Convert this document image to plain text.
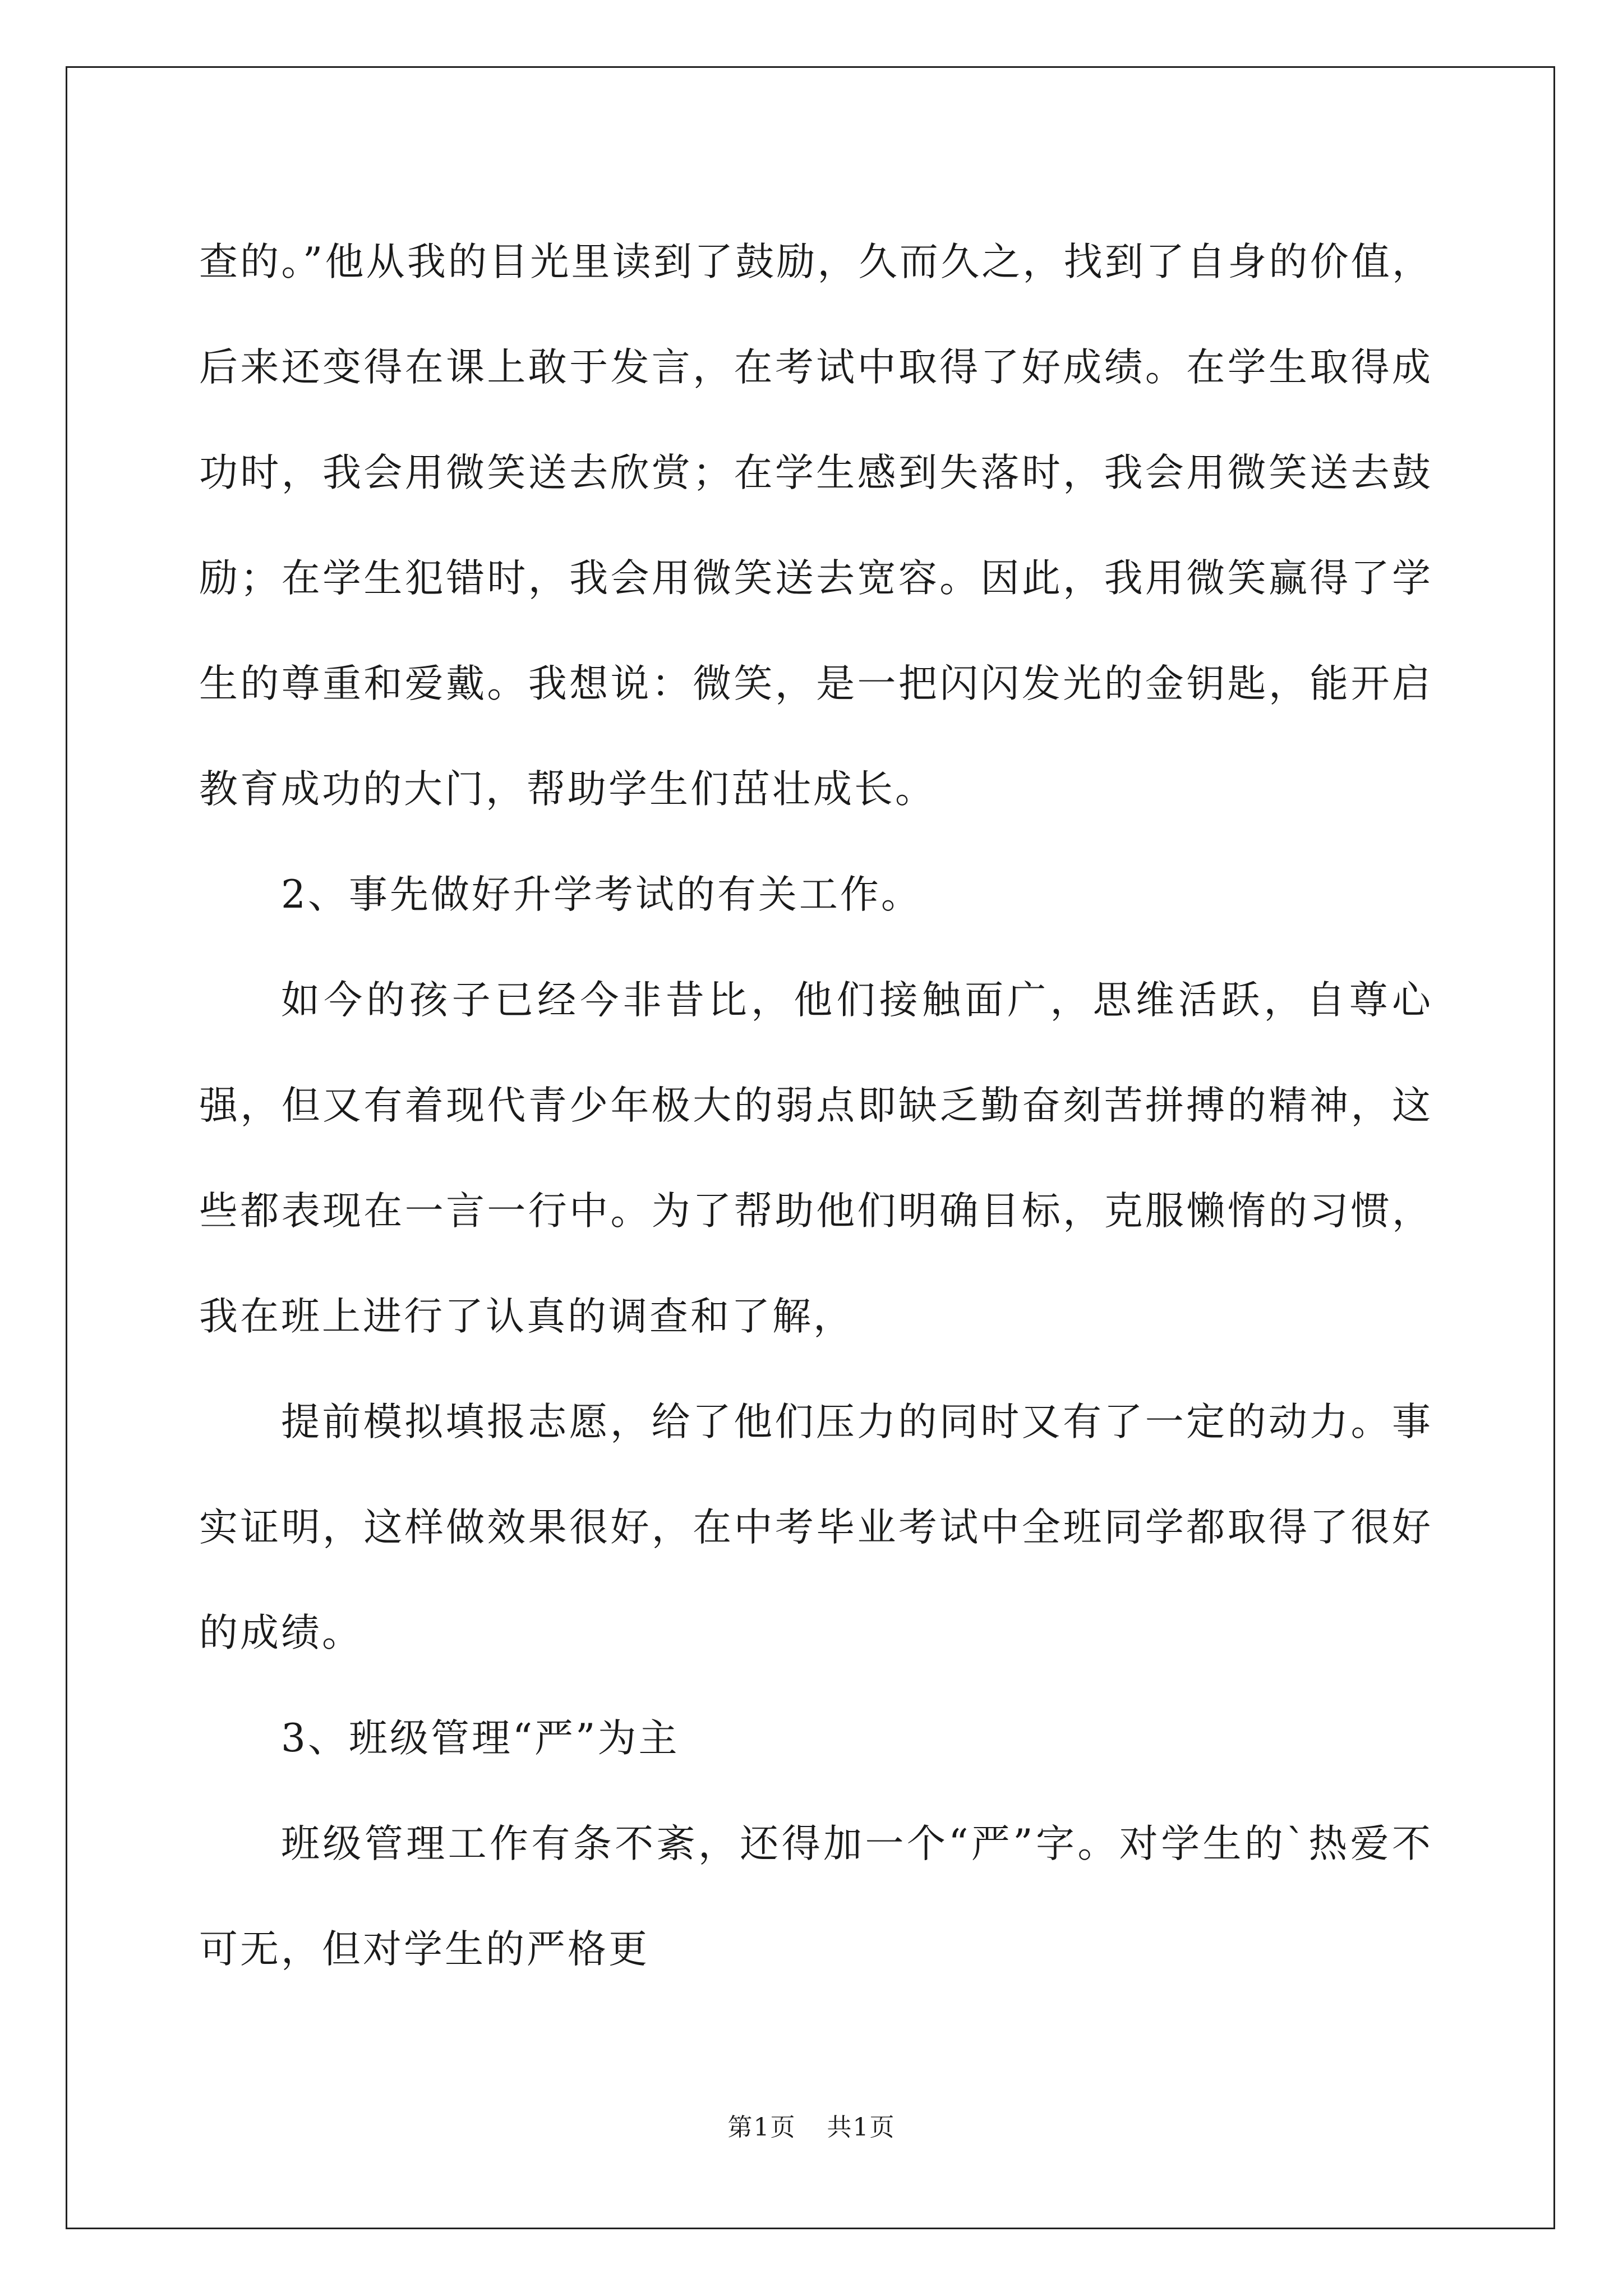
查的。”他从我的目光里读到了鼓励，久而久之，找到了自身的价值，后来还变得在课上敢于发言，在考试中取得了好成绩。在学生取得成功时，我会用微笑送去欣赏；在学生感到失落时，我会用微笑送去鼓励；在学生犯错时，我会用微笑送去宽容。因此，我用微笑赢得了学生的尊重和爱戴。我想说：微笑，是一把闪闪发光的金钥匙，能开启教育成功的大门，帮助学生们茁壮成长。

2、事先做好升学考试的有关工作。

如今的孩子已经今非昔比，他们接触面广，思维活跃，自尊心强，但又有着现代青少年极大的弱点即缺乏勤奋刻苦拼搏的精神，这些都表现在一言一行中。为了帮助他们明确目标，克服懒惰的习惯，我在班上进行了认真的调查和了解，

提前模拟填报志愿，给了他们压力的同时又有了一定的动力。事实证明，这样做效果很好，在中考毕业考试中全班同学都取得了很好的成绩。

3、班级管理“严”为主

班级管理工作有条不紊，还得加一个“严”字。对学生的`热爱不可无，但对学生的严格更

第1页 共1页
